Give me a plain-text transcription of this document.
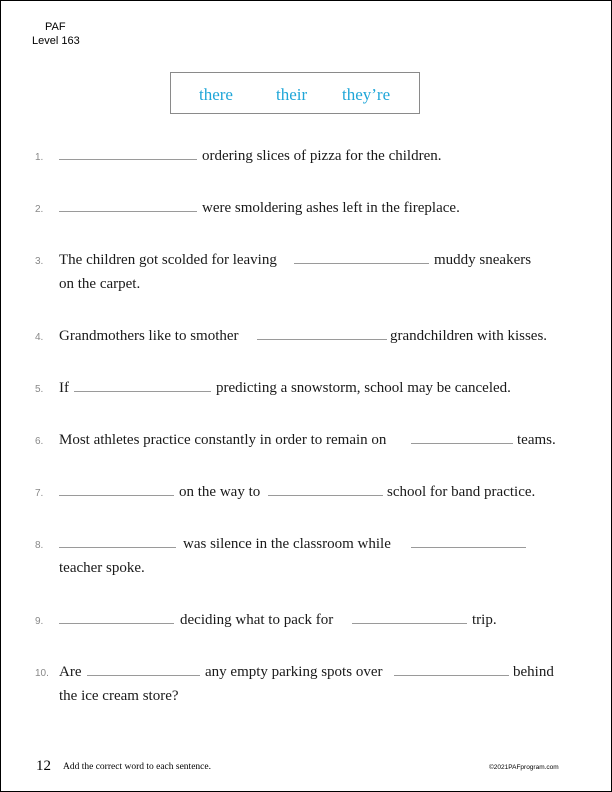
PAF
Level 163
there	their they’re
1.	ordering slices of pizza for the children.
2.	were smoldering ashes left in the fireplace.
3. The children got scolded for leaving	muddy sneakers
on the carpet.
4. Grandmothers like to smother	grandchildren with kisses.
5. If	predicting a snowstorm, school may be canceled.
6. Most athletes practice constantly in order to remain on	teams.
7.	on the way to	school for band practice.
8.	was silence in the classroom while
teacher spoke.
9.	deciding what to pack for	trip.
10. Are	any empty parking spots over	behind
the ice cream store?
12 Add the correct word to each sentence.	©2021PAFprogram.com
